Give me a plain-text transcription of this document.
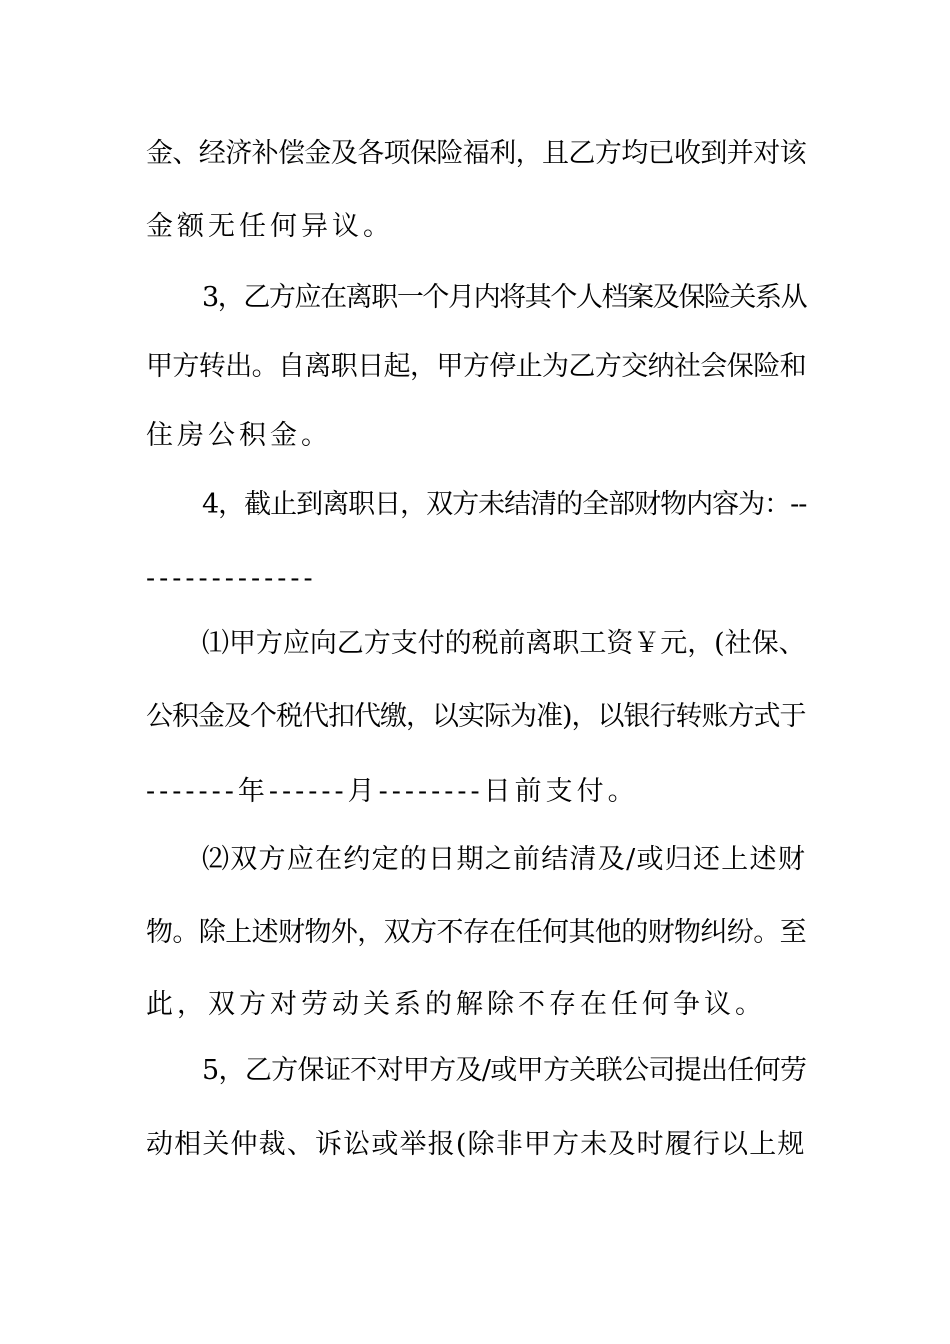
金、经济补偿金及各项保险福利，且乙方均已收到并对该
金额无任何异议。
3，乙方应在离职一个月内将其个人档案及保险关系从
甲方转出。自离职日起，甲方停止为乙方交纳社会保险和
住房公积金。
4，截止到离职日，双方未结清的全部财物内容为：--
-------------
⑴甲方应向乙方支付的税前离职工资￥元，(社保、
公积金及个税代扣代缴，以实际为准)，以银行转账方式于
-------年------月--------日前支付。
⑵双方应在约定的日期之前结清及/或归还上述财
物。除上述财物外，双方不存在任何其他的财物纠纷。至
此，双方对劳动关系的解除不存在任何争议。
5，乙方保证不对甲方及/或甲方关联公司提出任何劳
动相关仲裁、诉讼或举报(除非甲方未及时履行以上规
